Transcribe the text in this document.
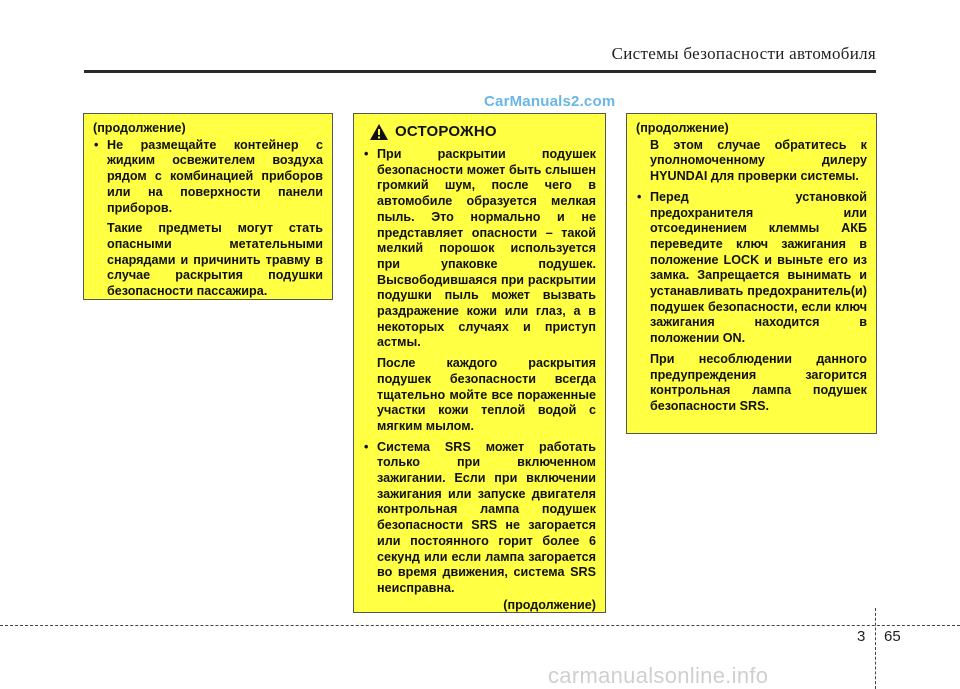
Системы безопасности автомобиля
CarManuals2.com
(продолжение)
• Не размещайте контейнер с жидким освежителем воздуха рядом с комбинацией приборов или на поверхности панели приборов.
Такие предметы могут стать опасными метательными снарядами и причинить травму в случае раскрытия подушки безопасности пассажира.
ОСТОРОЖНО
• При раскрытии подушек безопасности может быть слышен громкий шум, после чего в автомобиле образуется мелкая пыль. Это нормально и не представляет опасности – такой мелкий порошок используется при упаковке подушек. Высвободившаяся при раскрытии подушки пыль может вызвать раздражение кожи или глаз, а в некоторых случаях и приступ астмы.
После каждого раскрытия подушек безопасности всегда тщательно мойте все пораженные участки кожи теплой водой с мягким мылом.
• Система SRS может работать только при включенном зажигании. Если при включении зажигания или запуске двигателя контрольная лампа подушек безопасности SRS не загорается или постоянного горит более 6 секунд или если лампа загорается во время движения, система SRS неисправна.
(продолжение)
(продолжение)
В этом случае обратитесь к уполномоченному дилеру HYUNDAI для проверки системы.
• Перед установкой предохранителя или отсоединением клеммы АКБ переведите ключ зажигания в положение LOCK и выньте его из замка. Запрещается вынимать и устанавливать предохранитель(и) подушек безопасности, если ключ зажигания находится в положении ON.
При несоблюдении данного предупреждения загорится контрольная лампа подушек безопасности SRS.
3 65
carmanualsonline.info
